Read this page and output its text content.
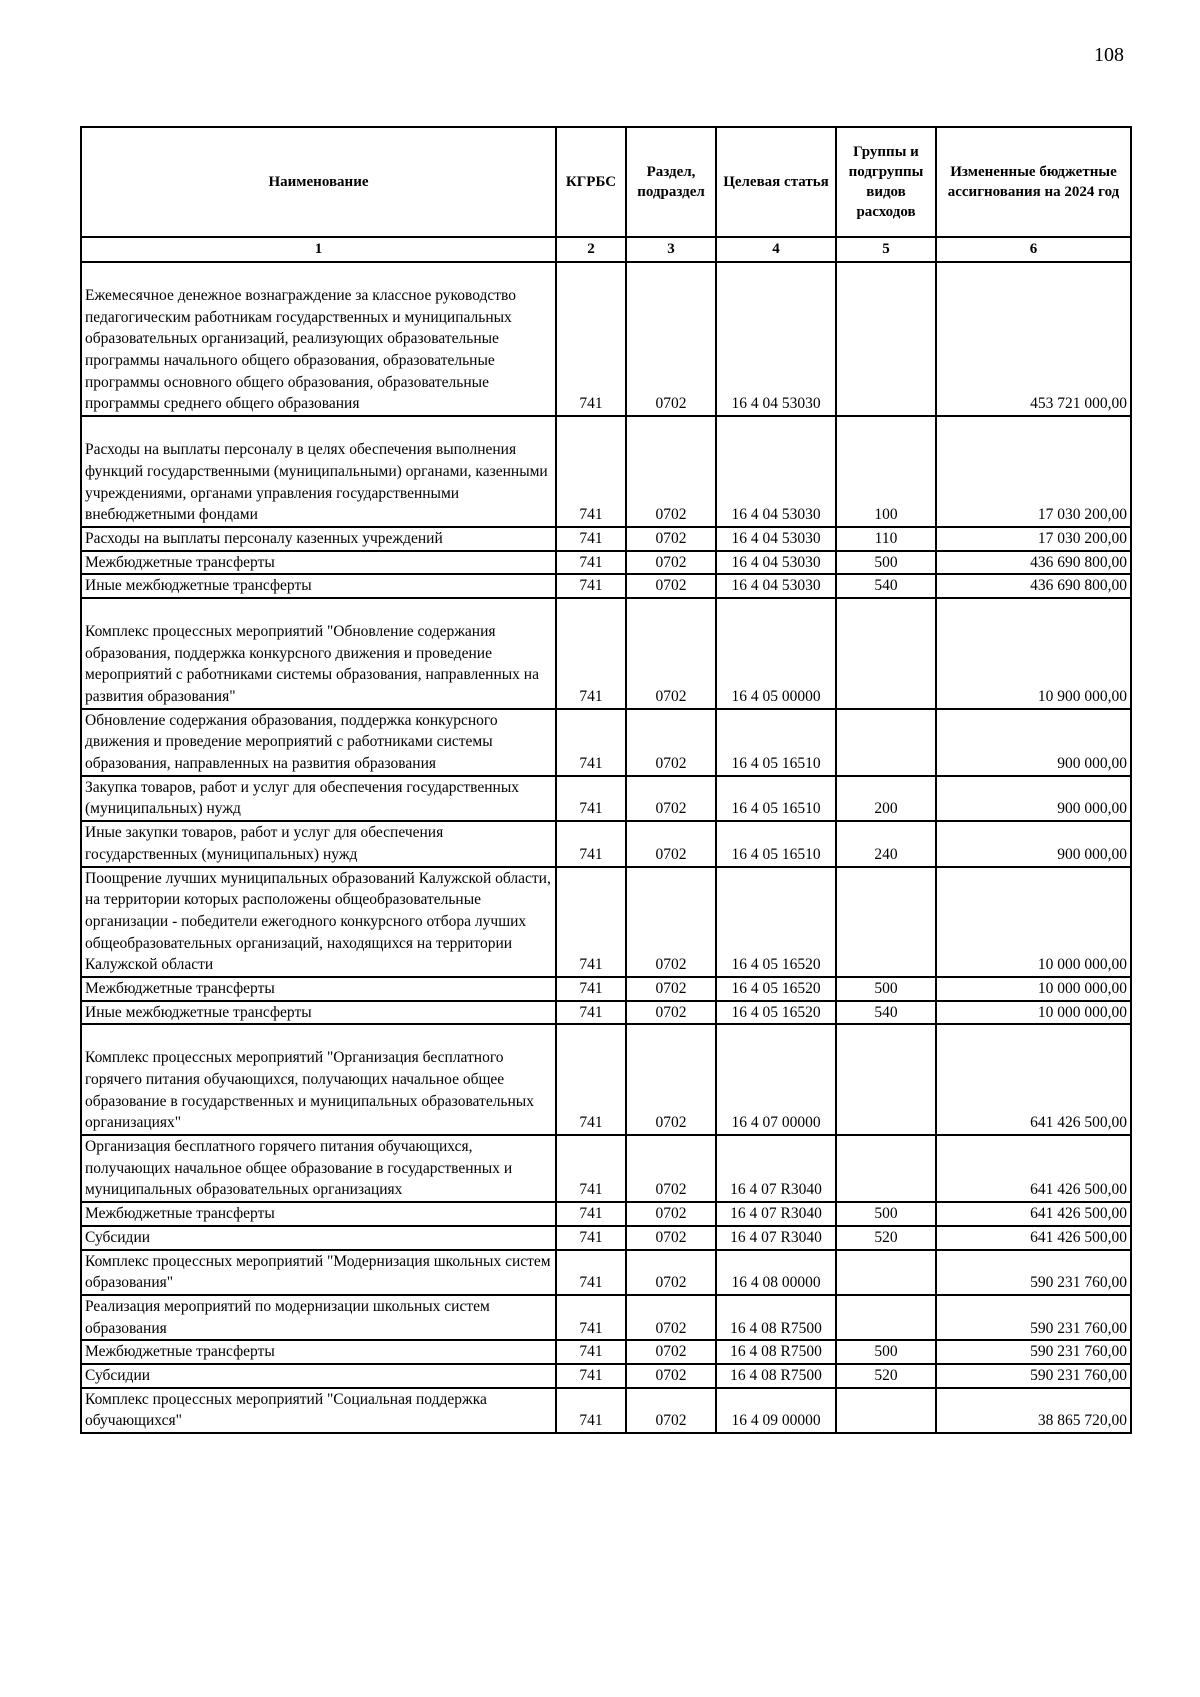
108
Наименование	КГРБС	Раздел, подраздел	Целевая статья	Группы и подгруппы видов расходов	Измененные бюджетные ассигнования на 2024 год
1	2	3	4	5	6
Ежемесячное денежное вознаграждение за классное руководство педагогическим работникам государственных и муниципальных образовательных организаций, реализующих образовательные программы начального общего образования, образовательные программы основного общего образования, образовательные программы среднего общего образования	741	0702	16 4 04 53030		453 721 000,00
Расходы на выплаты персоналу в целях обеспечения выполнения функций государственными (муниципальными) органами, казенными учреждениями, органами управления государственными внебюджетными фондами	741	0702	16 4 04 53030	100	17 030 200,00
Расходы на выплаты персоналу казенных учреждений	741	0702	16 4 04 53030	110	17 030 200,00
Межбюджетные трансферты	741	0702	16 4 04 53030	500	436 690 800,00
Иные межбюджетные трансферты	741	0702	16 4 04 53030	540	436 690 800,00
Комплекс процессных мероприятий "Обновление содержания образования, поддержка конкурсного движения и проведение мероприятий с работниками системы образования, направленных на развития образования"	741	0702	16 4 05 00000		10 900 000,00
Обновление содержания образования, поддержка конкурсного движения и проведение мероприятий с работниками системы образования, направленных на развития образования	741	0702	16 4 05 16510		900 000,00
Закупка товаров, работ и услуг для обеспечения государственных (муниципальных) нужд	741	0702	16 4 05 16510	200	900 000,00
Иные закупки товаров, работ и услуг для обеспечения государственных (муниципальных) нужд	741	0702	16 4 05 16510	240	900 000,00
Поощрение лучших муниципальных образований Калужской области, на территории которых расположены общеобразовательные организации - победители ежегодного конкурсного отбора лучших общеобразовательных организаций, находящихся на территории Калужской области	741	0702	16 4 05 16520		10 000 000,00
Межбюджетные трансферты	741	0702	16 4 05 16520	500	10 000 000,00
Иные межбюджетные трансферты	741	0702	16 4 05 16520	540	10 000 000,00
Комплекс процессных мероприятий "Организация бесплатного горячего питания обучающихся, получающих начальное общее образование в государственных и муниципальных образовательных организациях"	741	0702	16 4 07 00000		641 426 500,00
Организация бесплатного горячего питания обучающихся, получающих начальное общее образование в государственных и муниципальных образовательных организациях	741	0702	16 4 07 R3040		641 426 500,00
Межбюджетные трансферты	741	0702	16 4 07 R3040	500	641 426 500,00
Субсидии	741	0702	16 4 07 R3040	520	641 426 500,00
Комплекс процессных мероприятий "Модернизация школьных систем образования"	741	0702	16 4 08 00000		590 231 760,00
Реализация мероприятий по модернизации школьных систем образования	741	0702	16 4 08 R7500		590 231 760,00
Межбюджетные трансферты	741	0702	16 4 08 R7500	500	590 231 760,00
Субсидии	741	0702	16 4 08 R7500	520	590 231 760,00
Комплекс процессных мероприятий "Социальная поддержка обучающихся"	741	0702	16 4 09 00000		38 865 720,00
